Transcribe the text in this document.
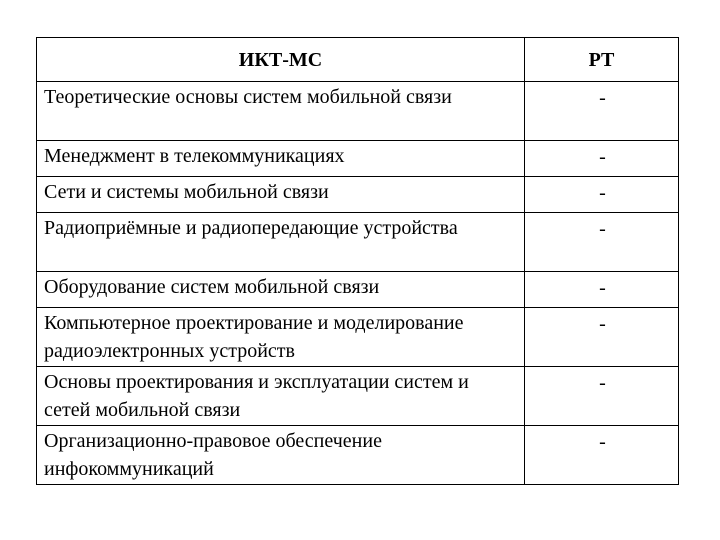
ИКТ-МС	РТ
Теоретические основы систем мобильной связи	-
Менеджмент в телекоммуникациях	-
Сети и системы мобильной связи	-
Радиоприёмные и радиопередающие устройства	-
Оборудование систем мобильной связи	-
Компьютерное проектирование и моделирование радиоэлектронных устройств	-
Основы проектирования и эксплуатации систем и сетей мобильной связи	-
Организационно-правовое обеспечение инфокоммуникаций	-
